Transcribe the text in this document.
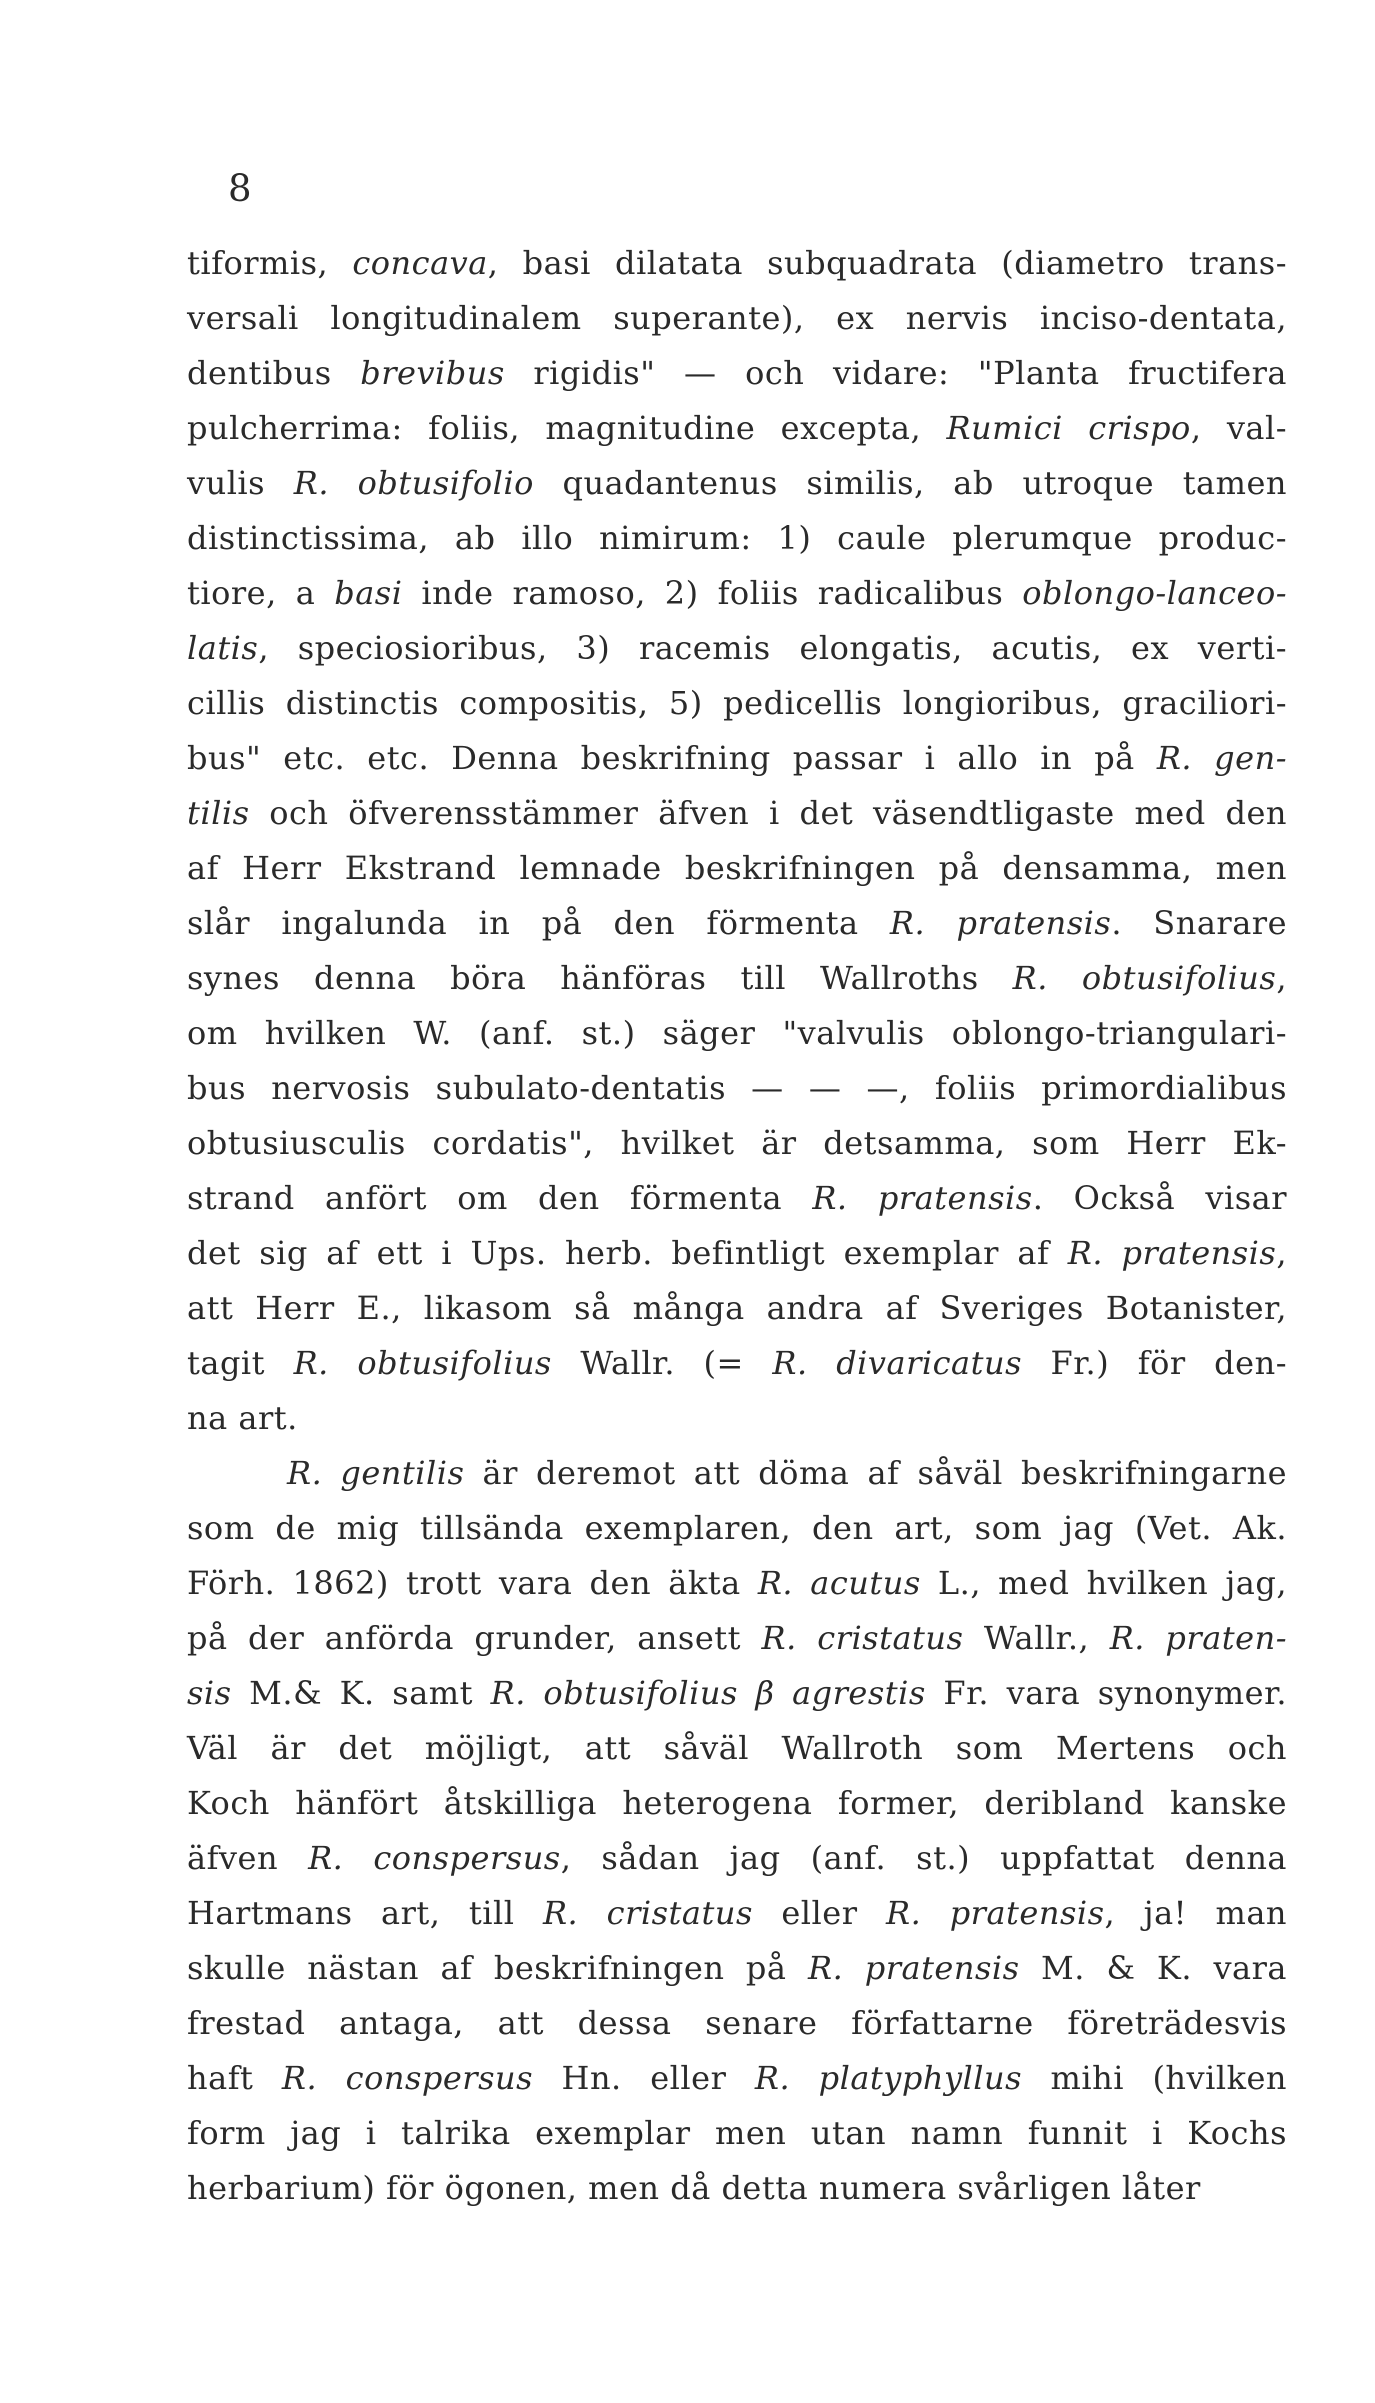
8
tiformis, concava, basi dilatata subquadrata (diametro trans-
versali longitudinalem superante), ex nervis inciso-dentata,
dentibus brevibus rigidis" — och vidare: "Planta fructifera
pulcherrima: foliis, magnitudine excepta, Rumici crispo, val-
vulis R. obtusifolio quadantenus similis, ab utroque tamen
distinctissima, ab illo nimirum: 1) caule plerumque produc-
tiore, a basi inde ramoso, 2) foliis radicalibus oblongo-lanceo-
latis, speciosioribus, 3) racemis elongatis, acutis, ex verti-
cillis distinctis compositis, 5) pedicellis longioribus, graciliori-
bus" etc. etc. Denna beskrifning passar i allo in på R. gen-
tilis och öfverensstämmer äfven i det väsendtligaste med den
af Herr Ekstrand lemnade beskrifningen på densamma, men
slår ingalunda in på den förmenta R. pratensis. Snarare
synes denna böra hänföras till Wallroths R. obtusifolius,
om hvilken W. (anf. st.) säger "valvulis oblongo-triangulari-
bus nervosis subulato-dentatis — — —, foliis primordialibus
obtusiusculis cordatis", hvilket är detsamma, som Herr Ek-
strand anfört om den förmenta R. pratensis. Också visar
det sig af ett i Ups. herb. befintligt exemplar af R. pratensis,
att Herr E., likasom så många andra af Sveriges Botanister,
tagit R. obtusifolius Wallr. (= R. divaricatus Fr.) för den-
na art.
R. gentilis är deremot att döma af såväl beskrifningarne
som de mig tillsända exemplaren, den art, som jag (Vet. Ak.
Förh. 1862) trott vara den äkta R. acutus L., med hvilken jag,
på der anförda grunder, ansett R. cristatus Wallr., R. praten-
sis M.& K. samt R. obtusifolius β agrestis Fr. vara synonymer.
Väl är det möjligt, att såväl Wallroth som Mertens och
Koch hänfört åtskilliga heterogena former, deribland kanske
äfven R. conspersus, sådan jag (anf. st.) uppfattat denna
Hartmans art, till R. cristatus eller R. pratensis, ja! man
skulle nästan af beskrifningen på R. pratensis M. & K. vara
frestad antaga, att dessa senare författarne företrädesvis
haft R. conspersus Hn. eller R. platyphyllus mihi (hvilken
form jag i talrika exemplar men utan namn funnit i Kochs
herbarium) för ögonen, men då detta numera svårligen låter
